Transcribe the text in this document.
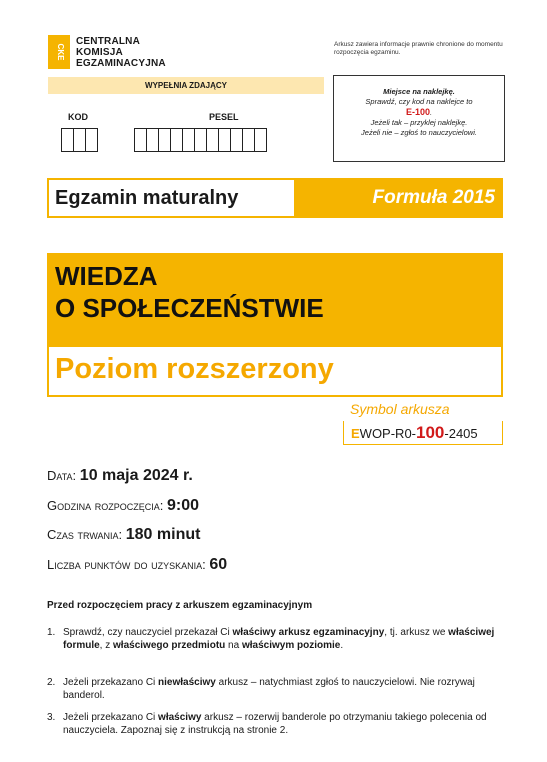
CKE
CENTRALNA
KOMISJA
EGZAMINACYJNA
Arkusz zawiera informacje prawnie chronione do momentu rozpoczęcia egzaminu.
WYPEŁNIA ZDAJĄCY
KOD	PESEL
Miejsce na naklejkę.
Sprawdź, czy kod na naklejce to
E-100.
Jeżeli tak – przyklej naklejkę.
Jeżeli nie – zgłoś to nauczycielowi.
Egzamin maturalny	Formuła 2015
WIEDZA
O SPOŁECZEŃSTWIE
Poziom rozszerzony
Symbol arkusza
EWOP-R0-100-2405
Data: 10 maja 2024 r.
Godzina rozpoczęcia: 9:00
Czas trwania: 180 minut
Liczba punktów do uzyskania: 60
Przed rozpoczęciem pracy z arkuszem egzaminacyjnym
1. Sprawdź, czy nauczyciel przekazał Ci właściwy arkusz egzaminacyjny, tj. arkusz we właściwej formule, z właściwego przedmiotu na właściwym poziomie.
2. Jeżeli przekazano Ci niewłaściwy arkusz – natychmiast zgłoś to nauczycielowi. Nie rozrywaj banderol.
3. Jeżeli przekazano Ci właściwy arkusz – rozerwij banderole po otrzymaniu takiego polecenia od nauczyciela. Zapoznaj się z instrukcją na stronie 2.
